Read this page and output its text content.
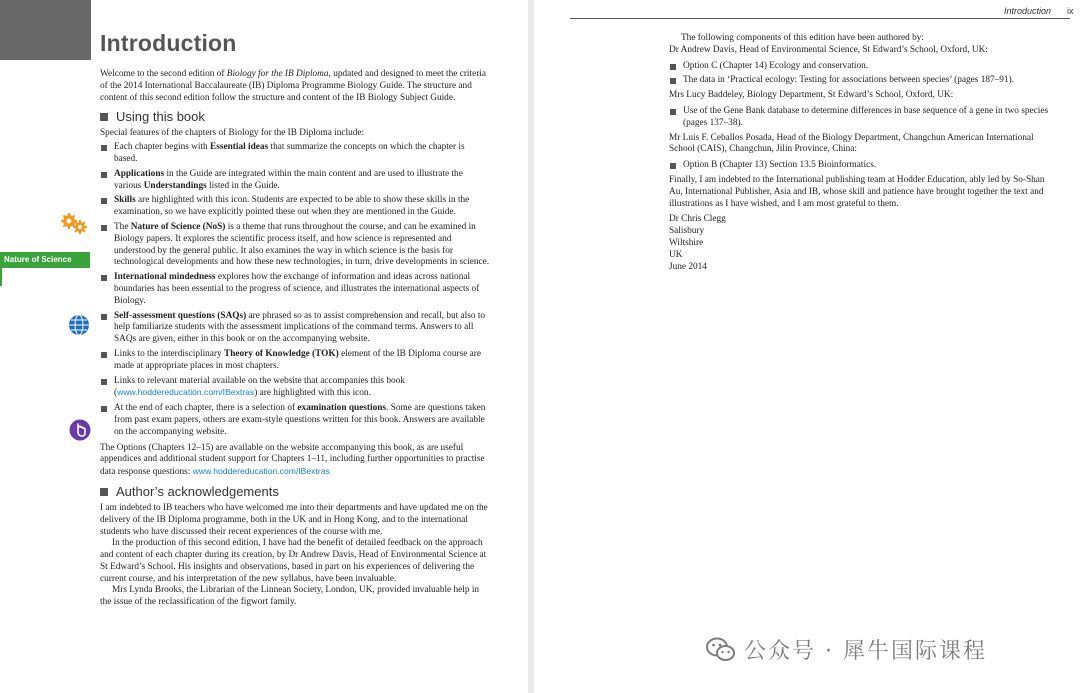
Introduction
Nature of Science

Welcome to the second edition of Biology for the IB Diploma, updated and designed to meet the criteria of the 2014 International Baccalaureate (IB) Diploma Programme Biology Guide. The structure and content of this second edition follow the structure and content of the IB Biology Subject Guide.

Using this book

Special features of the chapters of Biology for the IB Diploma include:

Each chapter begins with Essential ideas that summarize the concepts on which the chapter is based.
Applications in the Guide are integrated within the main content and are used to illustrate the various Understandings listed in the Guide.
Skills are highlighted with this icon. Students are expected to be able to show these skills in the examination, so we have explicitly pointed these out when they are mentioned in the Guide.
The Nature of Science (NoS) is a theme that runs throughout the course, and can be examined in Biology papers. It explores the scientific process itself, and how science is represented and understood by the general public. It also examines the way in which science is the basis for technological developments and how these new technologies, in turn, drive developments in science.
International mindedness explores how the exchange of information and ideas across national boundaries has been essential to the progress of science, and illustrates the international aspects of Biology.
Self-assessment questions (SAQs) are phrased so as to assist comprehension and recall, but also to help familiarize students with the assessment implications of the command terms. Answers to all SAQs are given, either in this book or on the accompanying website.
Links to the interdisciplinary Theory of Knowledge (TOK) element of the IB Diploma course are made at appropriate places in most chapters.
Links to relevant material available on the website that accompanies this book (www.hoddereducation.com/IBextras) are highlighted with this icon.
At the end of each chapter, there is a selection of examination questions. Some are questions taken from past exam papers, others are exam-style questions written for this book. Answers are available on the accompanying website.

The Options (Chapters 12–15) are available on the website accompanying this book, as are useful appendices and additional student support for Chapters 1–11, including further opportunities to practise data response questions: www.hoddereducation.com/IBextras

Author’s acknowledgements

I am indebted to IB teachers who have welcomed me into their departments and have updated me on the delivery of the IB Diploma programme, both in the UK and in Hong Kong, and to the international students who have discussed their recent experiences of the course with me.

In the production of this second edition, I have had the benefit of detailed feedback on the approach and content of each chapter during its creation, by Dr Andrew Davis, Head of Environmental Science at St Edward’s School. His insights and observations, based in part on his experiences of delivering the current course, and his interpretation of the new syllabus, have been invaluable.

Mrs Lynda Brooks, the Librarian of the Linnean Society, London, UK, provided invaluable help in the issue of the reclassification of the figwort family.

Introduction ix

The following components of this edition have been authored by:

Dr Andrew Davis, Head of Environmental Science, St Edward’s School, Oxford, UK:

Option C (Chapter 14) Ecology and conservation.
The data in ‘Practical ecology: Testing for associations between species’ (pages 187–91).

Mrs Lucy Baddeley, Biology Department, St Edward’s School, Oxford, UK:

Use of the Gene Bank database to determine differences in base sequence of a gene in two species (pages 137–38).

Mr Luis F. Ceballos Posada, Head of the Biology Department, Changchun American International School (CAIS), Changchun, Jilin Province, China:

Option B (Chapter 13) Section 13.5 Bioinformatics.

Finally, I am indebted to the International publishing team at Hodder Education, ably led by So-Shan Au, International Publisher, Asia and IB, whose skill and patience have brought together the text and illustrations as I have wished, and I am most grateful to them.

Dr Chris Clegg
Salisbury
Wiltshire
UK
June 2014
公众号 · 犀牛国际课程
